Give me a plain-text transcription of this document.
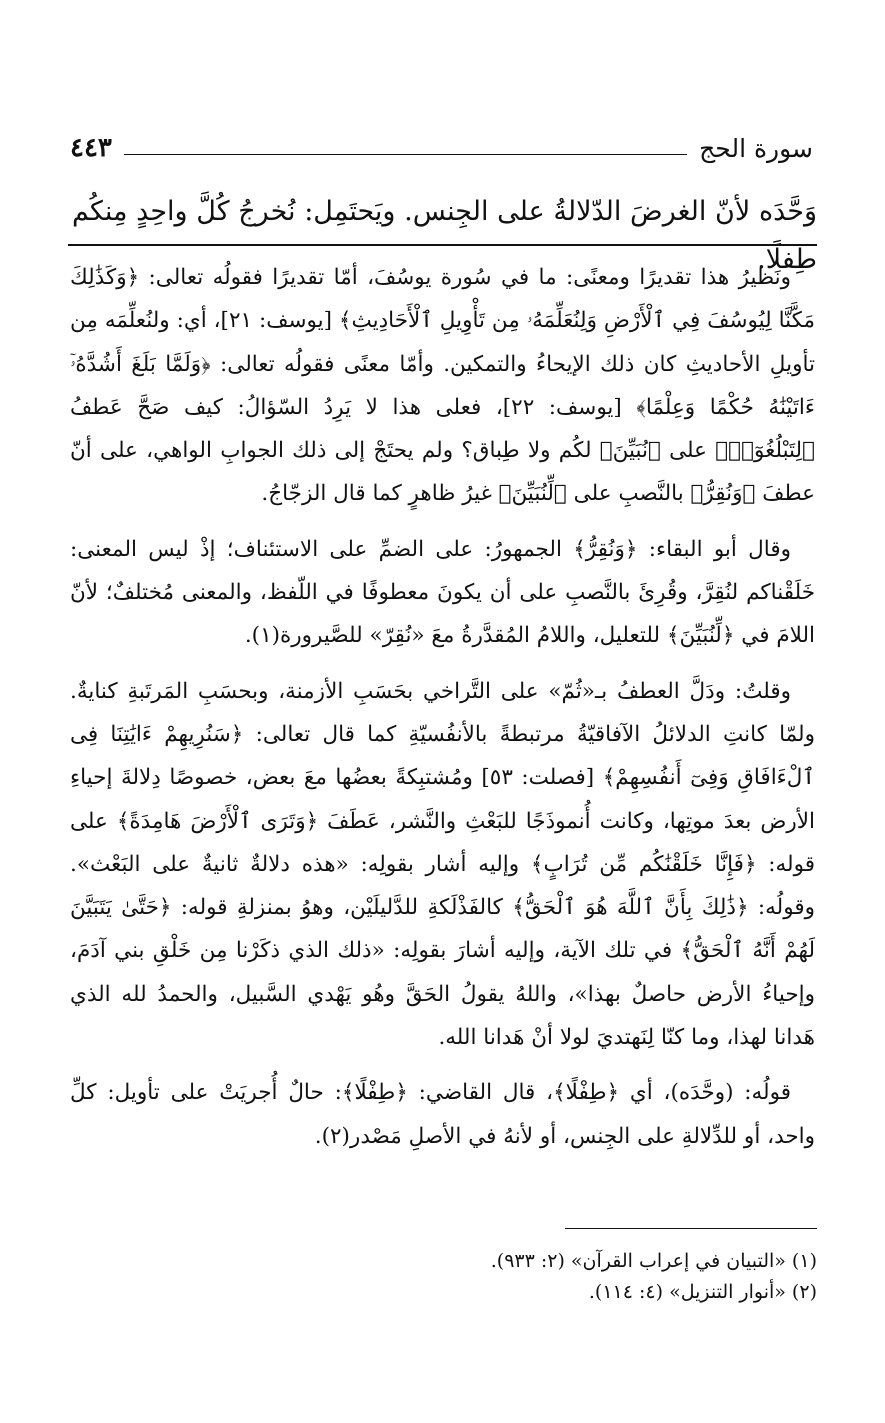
سورة الحج
٤٤٣
وَحَّدَه لأنّ الغرضَ الدّلالةُ على الجِنس. ويَحتَمِل: نُخرجُ كُلَّ واحِدٍ مِنكُم طِفلًا.

ونَظيرُ هذا تقديرًا ومعنًى: ما في سُورة يوسُفَ، أمّا تقديرًا فقولُه تعالى: ﴿وَكَذَٰلِكَ مَكَّنَّا لِيُوسُفَ فِي ٱلْأَرْضِ وَلِنُعَلِّمَهُۥ مِن تَأْوِيلِ ٱلْأَحَادِيثِ﴾ [يوسف: ٢١]، أي: ولنُعلِّمَه مِن تأويلِ الأحاديثِ كان ذلك الإيحاءُ والتمكين. وأمّا معنًى فقولُه تعالى: ﴿وَلَمَّا بَلَغَ أَشُدَّهُۥٓ ءَاتَيْنَٰهُ حُكْمًا وَعِلْمًا﴾ [يوسف: ٢٢]، فعلى هذا لا يَرِدُ السّؤالُ: كيف صَحَّ عَطفُ ﴿لِتَبْلُغُوٓا۟﴾ على ﴿نُبَيِّنَ﴾ لكُم ولا طِباق؟ ولم يحتَجْ إلى ذلك الجوابِ الواهي، على أنّ عطفَ ﴿وَنُقِرُّ﴾ بالنَّصبِ على ﴿لِّنُبَيِّنَ﴾ غيرُ ظاهرٍ كما قال الزجّاجُ.

وقال أبو البقاء: ﴿وَنُقِرُّ﴾ الجمهورُ: على الضمِّ على الاستئناف؛ إذْ ليس المعنى: خَلَقْناكم لنُقِرَّ، وقُرِئَ بالنَّصبِ على أن يكونَ معطوفًا في اللّفظ، والمعنى مُختلفٌ؛ لأنّ اللامَ في ﴿لِّنُبَيِّنَ﴾ للتعليل، واللامُ المُقدَّرةُ معَ «نُقِرّ» للصَّيرورة(١).

وقلتُ: ودَلَّ العطفُ بـ«ثُمّ» على التَّراخي بحَسَبِ الأزمنة، وبحسَبِ المَرتَبةِ كنايةٌ. ولمّا كانتِ الدلائلُ الآفاقيّةُ مرتبطةً بالأنفُسيّةِ كما قال تعالى: ﴿سَنُرِيهِمْ ءَايَٰتِنَا فِى ٱلْءَافَاقِ وَفِىٓ أَنفُسِهِمْ﴾ [فصلت: ٥٣] ومُشتبِكةً بعضُها معَ بعض، خصوصًا دِلالةَ إحياءِ الأرض بعدَ موتِها، وكانت أُنموذَجًا للبَعْثِ والنَّشر، عَطَفَ ﴿وَتَرَى ٱلْأَرْضَ هَامِدَةً﴾ على قوله: ﴿فَإِنَّا خَلَقْنَٰكُم مِّن تُرَابٍ﴾ وإليه أشار بقولِه: «هذه دلالةٌ ثانيةٌ على البَعْث». وقولُه: ﴿ذَٰلِكَ بِأَنَّ ٱللَّهَ هُوَ ٱلْحَقُّ﴾ كالفَذْلَكةِ للدَّليلَيْن، وهوُ بمنزلةِ قوله: ﴿حَتَّىٰ يَتَبَيَّنَ لَهُمْ أَنَّهُ ٱلْحَقُّ﴾ في تلك الآية، وإليه أشارَ بقولِه: «ذلك الذي ذكَرْنا مِن خَلْقِ بني آدَمَ، وإحياءُ الأرض حاصلٌ بهذا»، واللهُ يقولُ الحَقَّ وهُو يَهْدي السَّبيل، والحمدُ لله الذي هَدانا لهذا، وما كنّا لِنَهتديَ لولا أنْ هَدانا الله.

قولُه: (وحَّدَه)، أي ﴿طِفْلًا﴾، قال القاضي: ﴿طِفْلًا﴾: حالٌ أُجريَتْ على تأويل: كلِّ واحد، أو للدِّلالةِ على الجِنس، أو لأنهُ في الأصلِ مَصْدر(٢).

(١) «التبيان في إعراب القرآن» (٢: ٩٣٣).
(٢) «أنوار التنزيل» (٤: ١١٤).
